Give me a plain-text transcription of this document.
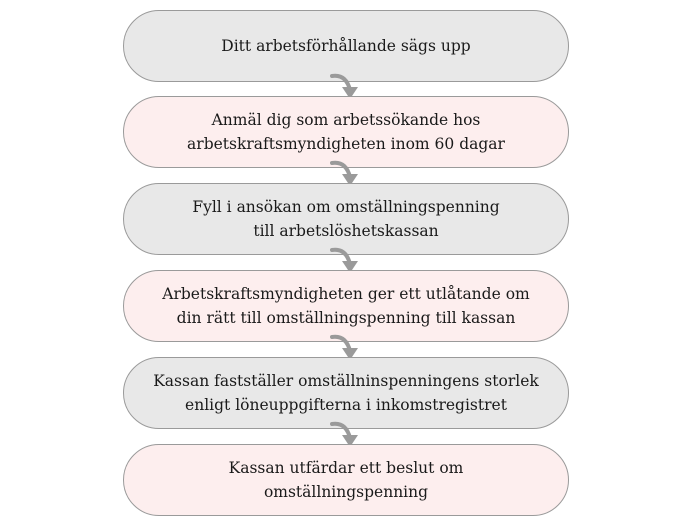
Ditt arbetsförhållande sägs upp
Anmäl dig som arbetssökande hos
arbetskraftsmyndigheten inom 60 dagar
Fyll i ansökan om omställningspenning
till arbetslöshetskassan
Arbetskraftsmyndigheten ger ett utlåtande om
din rätt till omställningspenning till kassan
Kassan fastställer omställninspenningens storlek
enligt löneuppgifterna i inkomstregistret
Kassan utfärdar ett beslut om omställningspenning
